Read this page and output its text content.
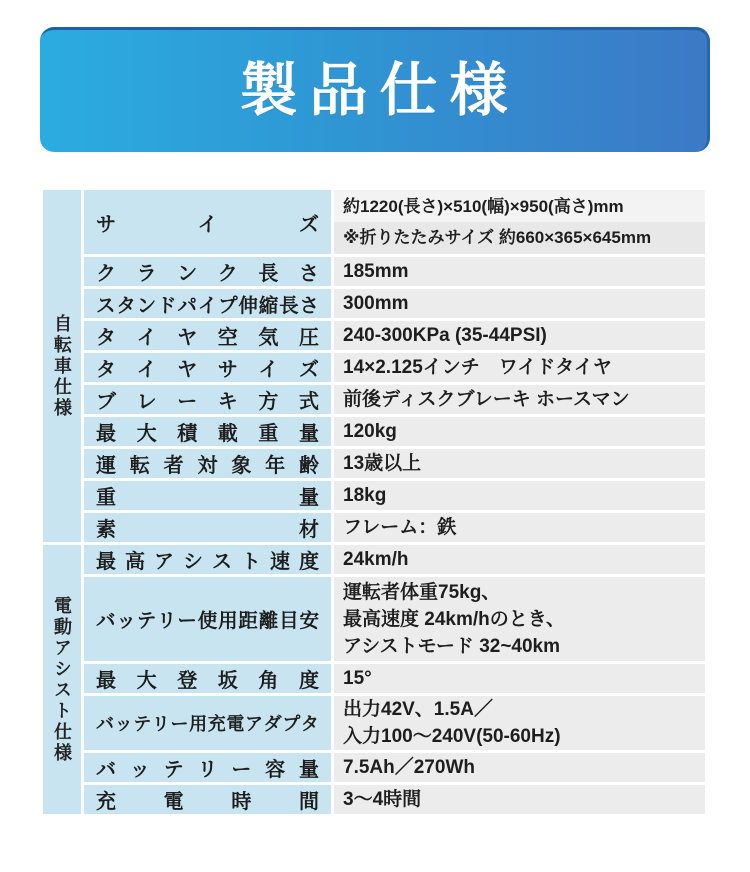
製品仕様
自転車仕様
サ	イ	ズ
約1220(長さ)×510(幅)×950(高さ)mm
※折りたたみサイズ 約660×365×645mm
ク ラ ン ク 長 さ 185mm
ス タ ン ド パ イ プ 伸 縮 長 さ 300mm
タ イ ヤ 空 気 圧 240-300KPa (35-44PSI)
タ イ ヤ サ イ ズ 14×2.125インチ　ワイドタイヤ
ブ レ ー キ 方 式 前後ディスクブレーキ ホースマン
最 大 積 載 重 量 120kg
運 転 者 対 象 年 齢 13歳以上
重	量 18kg
素	材 フレーム：鉄
電動アシスト仕様
最 高 ア シ ス ト 速 度 24km/h
バ ッ テ リ ー 使 用 距 離 目 安
運転者体重75kg、
最高速度 24km/hのとき、
アシストモード 32~40km
最 大 登 坂 角 度 15°
バ ッ テ リ ー 用 充 電 ア ダ プ タ
出力42V、1.5A／
入力100〜240V(50-60Hz)
バ ッ テ リ ー 容 量 7.5Ah／270Wh
充 電 時 間 3〜4時間
